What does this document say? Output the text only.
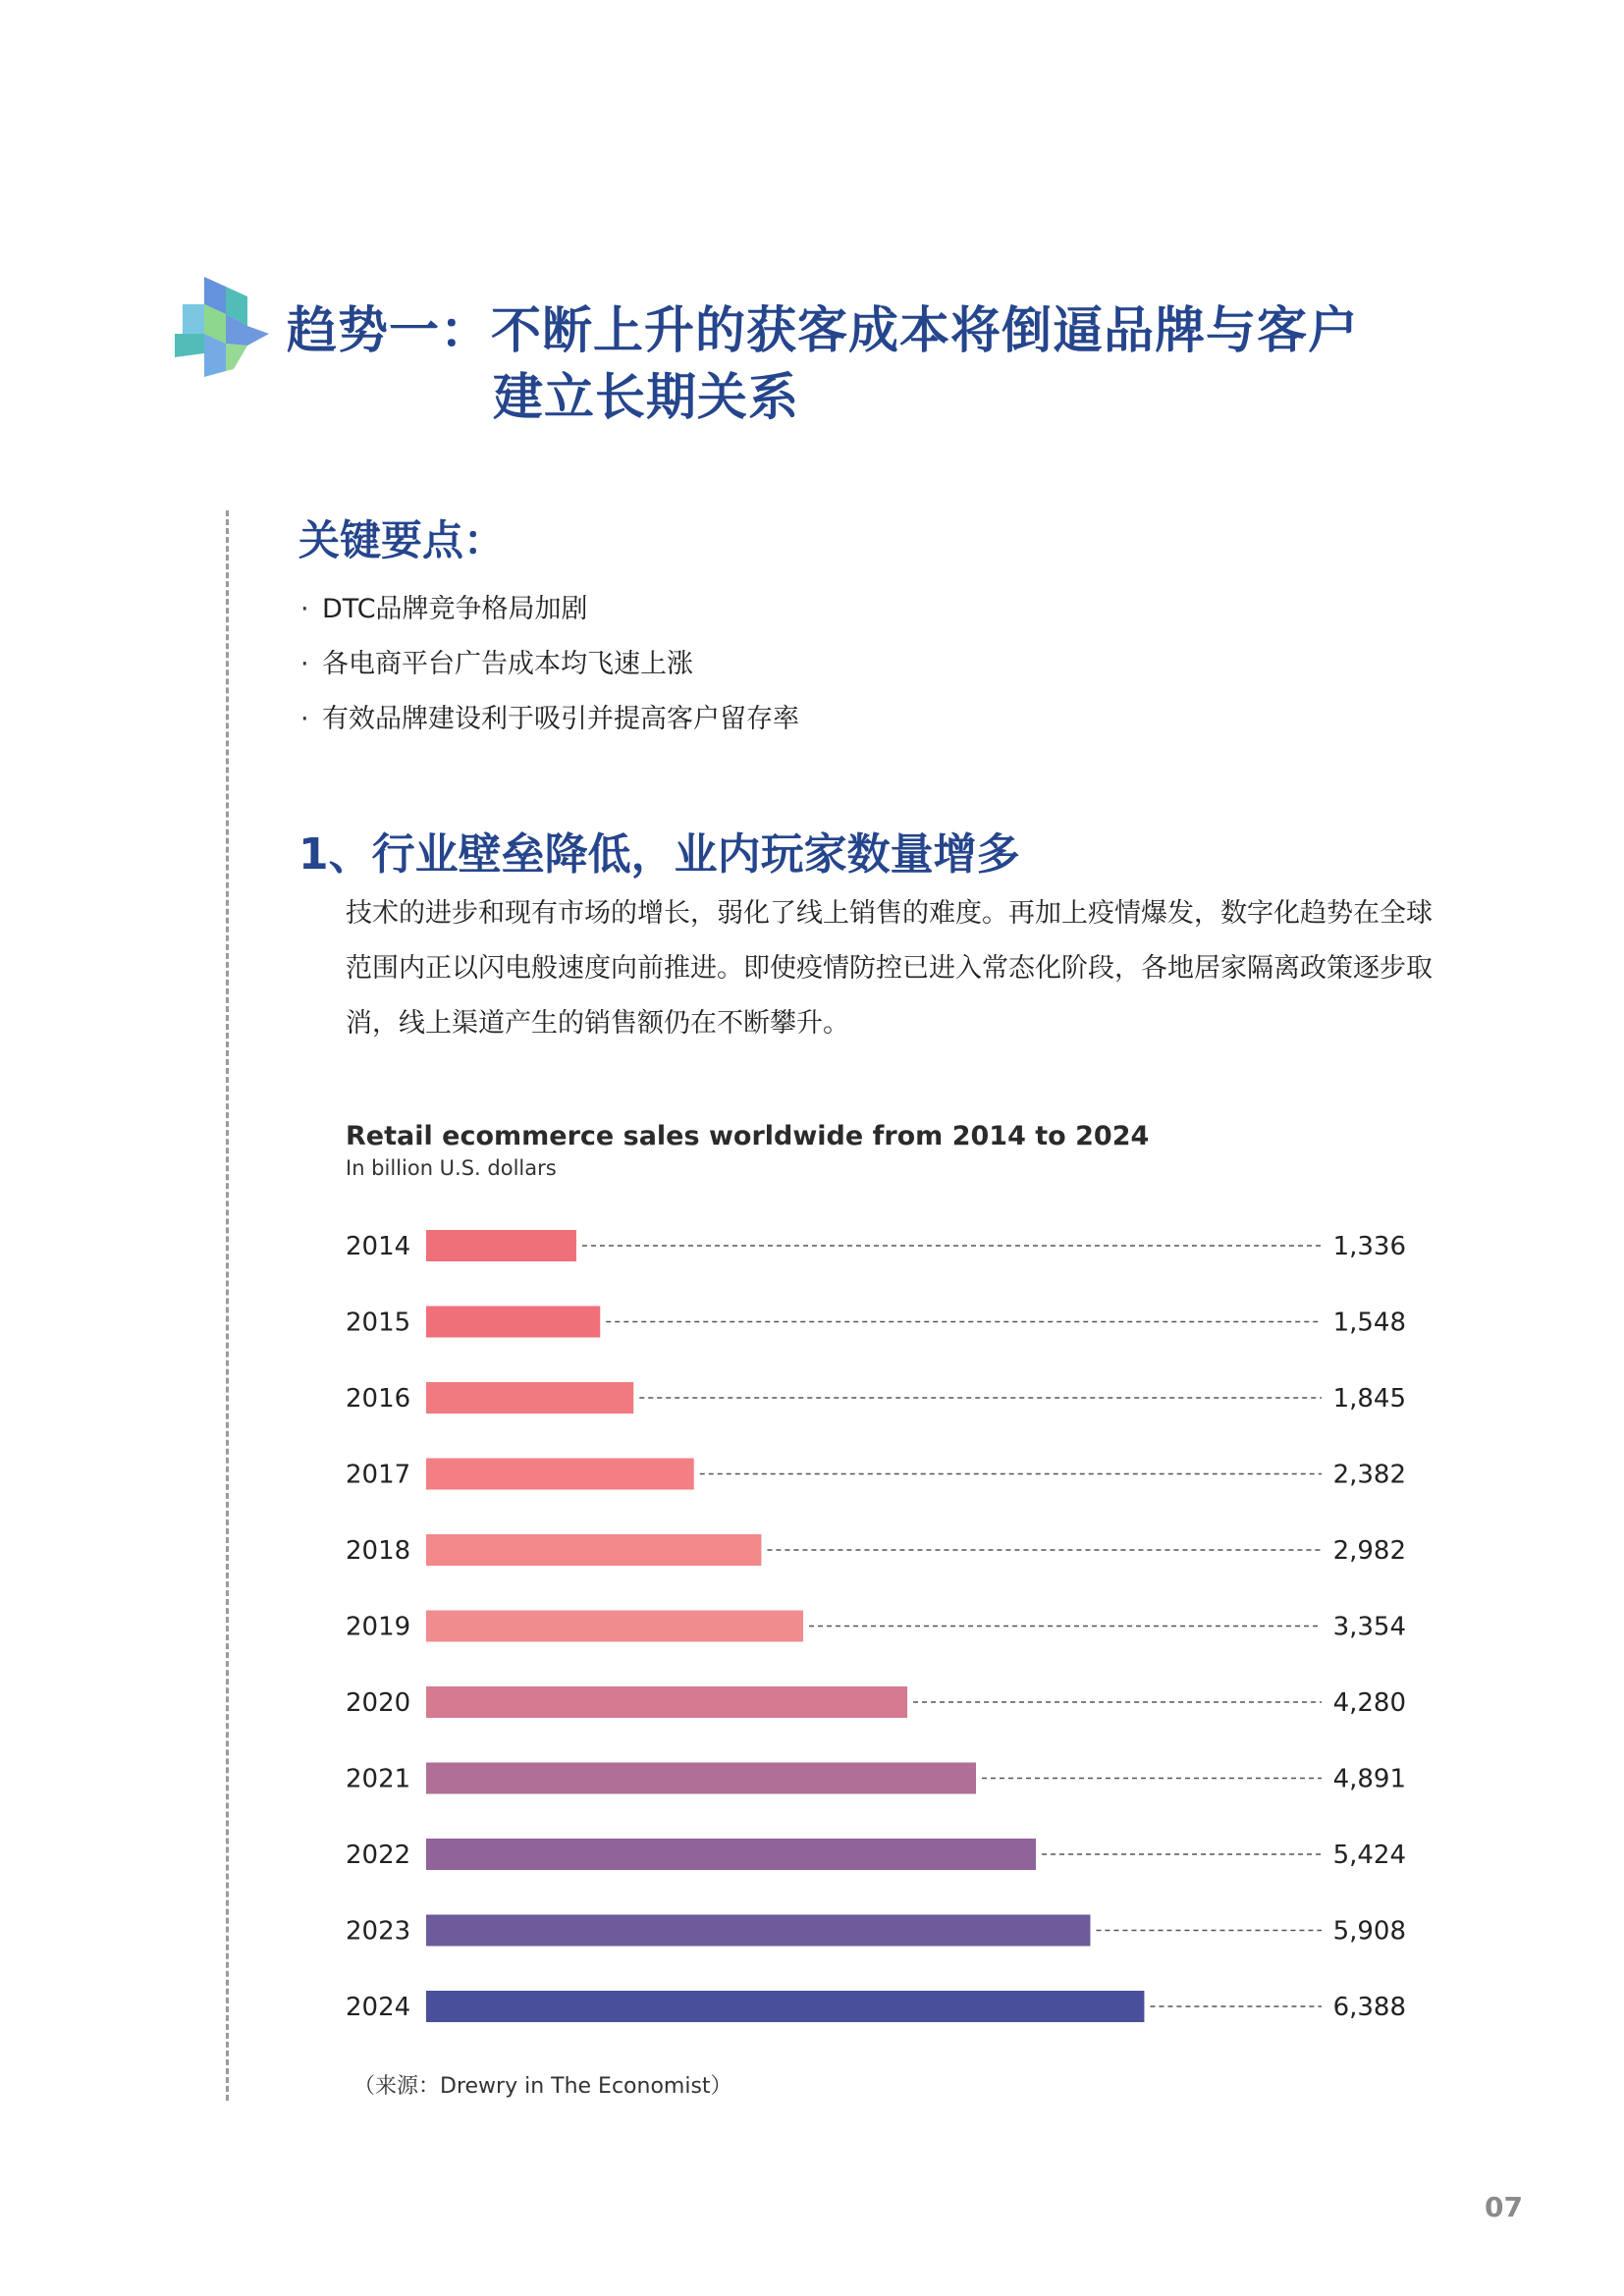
趋势一：不断上升的获客成本将倒逼品牌与客户
建立长期关系
关键要点：
· DTC品牌竞争格局加剧
· 各电商平台广告成本均飞速上涨
· 有效品牌建设利于吸引并提高客户留存率
1、行业壁垒降低，业内玩家数量增多
技术的进步和现有市场的增长，弱化了线上销售的难度。再加上疫情爆发，数字化趋势在全球
范围内正以闪电般速度向前推进。即使疫情防控已进入常态化阶段，各地居家隔离政策逐步取
消，线上渠道产生的销售额仍在不断攀升。
Retail ecommerce sales worldwide from 2014 to 2024
In billion U.S. dollars
2014	1,336
2015	1,548
2016	1,845
2017	2,382
2018	2,982
2019	3,354
2020	4,280
2021	4,891
2022	5,424
2023	5,908
2024	6,388
（来源：Drewry in The Economist）
07
